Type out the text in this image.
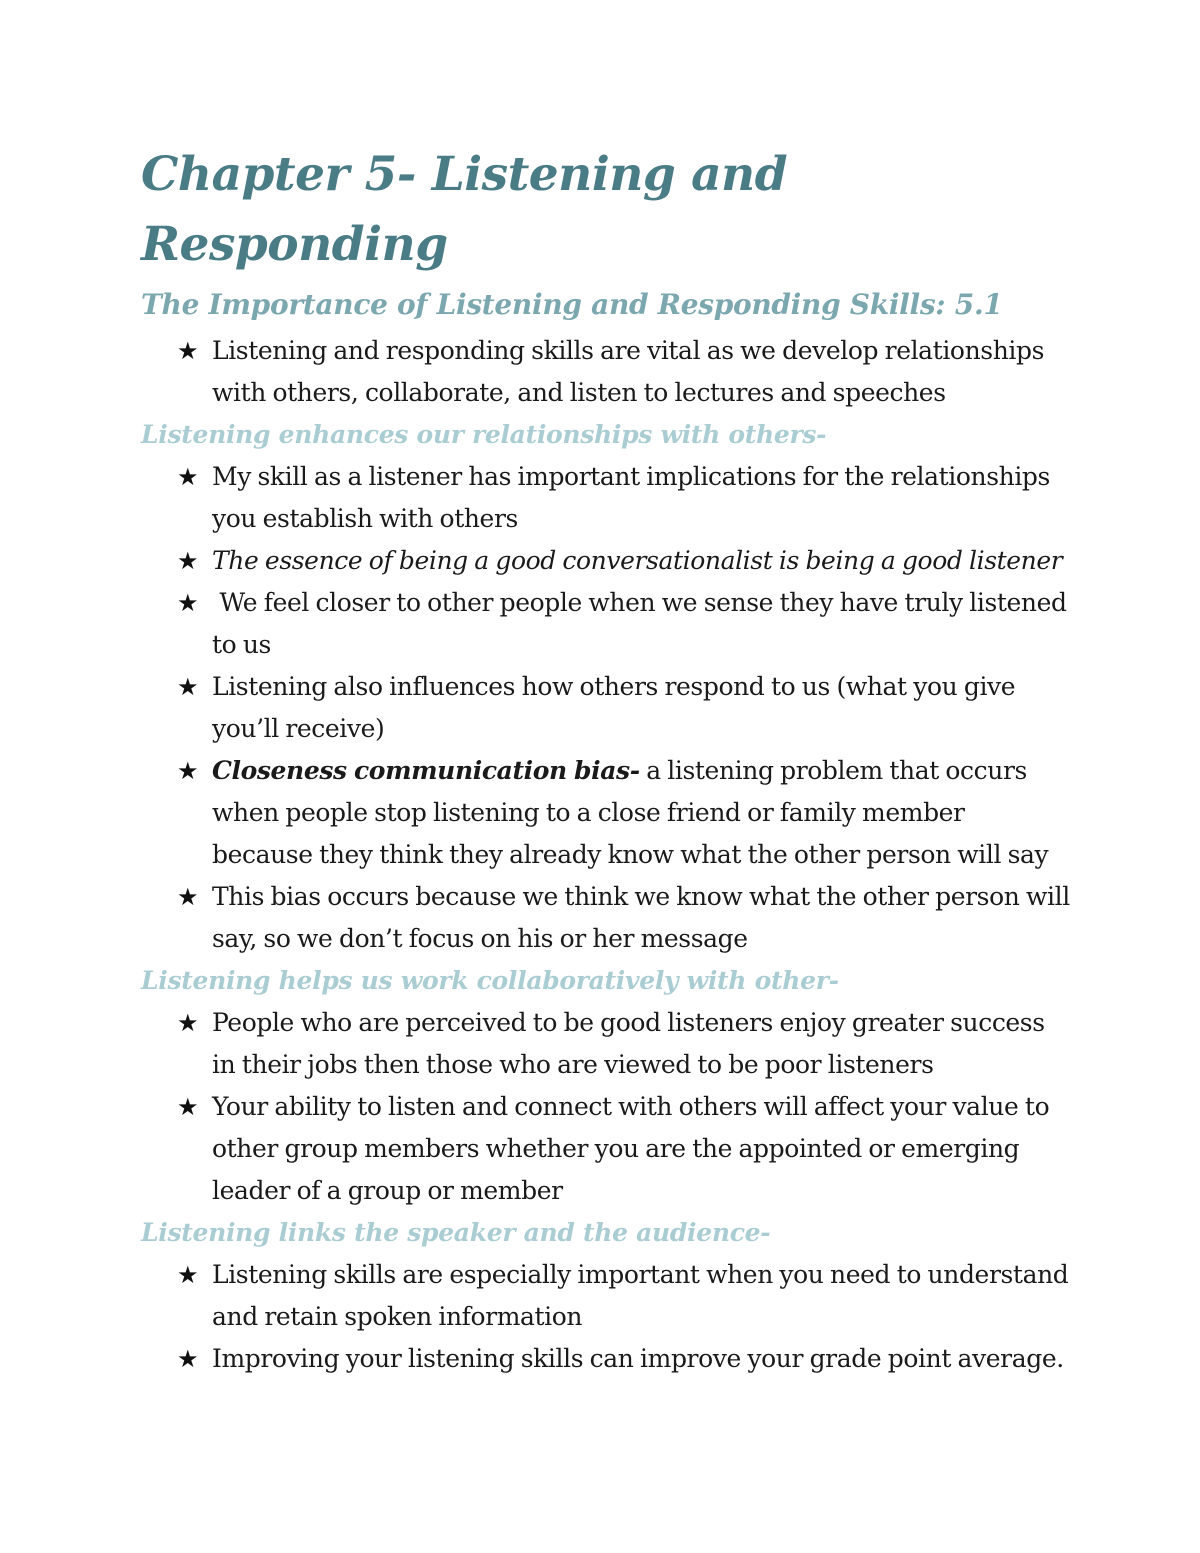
Chapter 5- Listening and Responding
The Importance of Listening and Responding Skills: 5.1
★ Listening and responding skills are vital as we develop relationships with others, collaborate, and listen to lectures and speeches
Listening enhances our relationships with others-
★ My skill as a listener has important implications for the relationships you establish with others
★ The essence of being a good conversationalist is being a good listener
★ We feel closer to other people when we sense they have truly listened to us
★ Listening also influences how others respond to us (what you give you’ll receive)
★ Closeness communication bias- a listening problem that occurs when people stop listening to a close friend or family member because they think they already know what the other person will say
★ This bias occurs because we think we know what the other person will say, so we don’t focus on his or her message
Listening helps us work collaboratively with other-
★ People who are perceived to be good listeners enjoy greater success in their jobs then those who are viewed to be poor listeners
★ Your ability to listen and connect with others will affect your value to other group members whether you are the appointed or emerging leader of a group or member
Listening links the speaker and the audience-
★ Listening skills are especially important when you need to understand and retain spoken information
★ Improving your listening skills can improve your grade point average.
